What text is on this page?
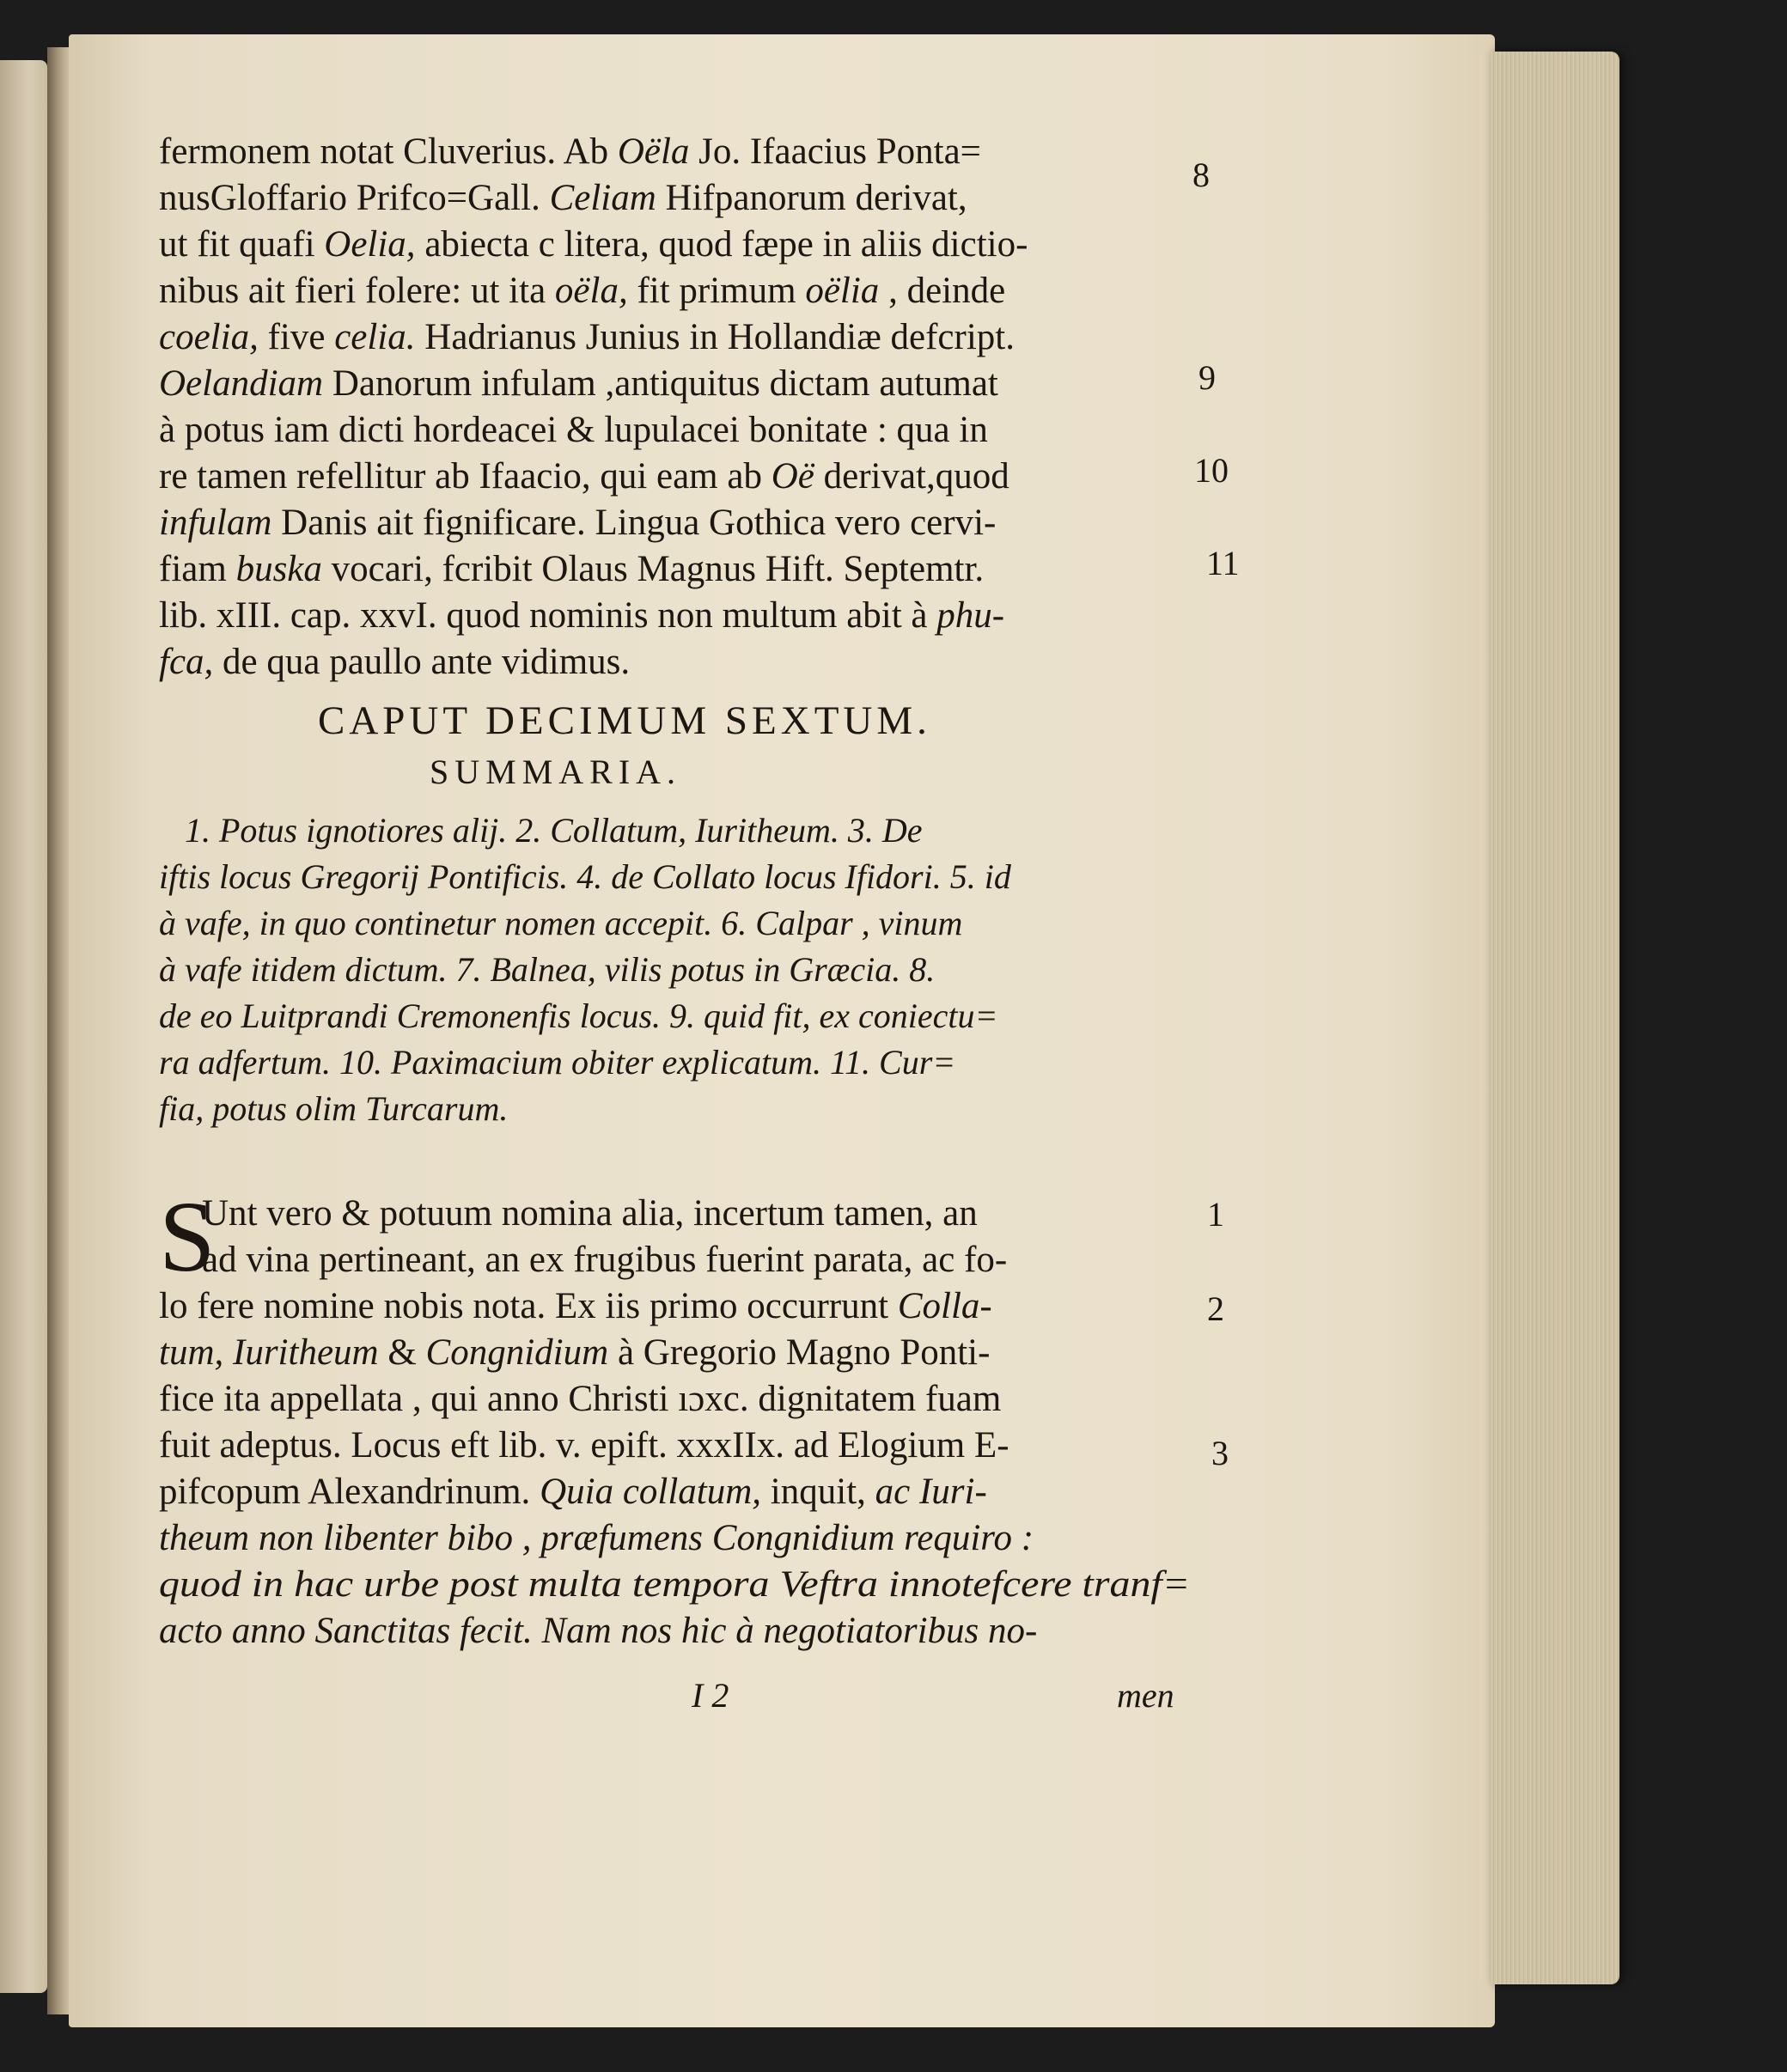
fermonem notat Cluverius. Ab Oëla Jo. Ifaacius Ponta=
nusGloffario Prifco=Gall. Celiam Hifpanorum derivat,
ut fit quafi Oelia, abiecta c litera, quod fæpe in aliis dictio-
nibus ait fieri folere: ut ita oëla, fit primum oëlia , deinde
coelia, five celia. Hadrianus Junius in Hollandiæ defcript.
Oelandiam Danorum infulam ,antiquitus dictam autumat
à potus iam dicti hordeacei & lupulacei bonitate : qua in
re tamen refellitur ab Ifaacio, qui eam ab Oë derivat,quod
infulam Danis ait fignificare. Lingua Gothica vero cervi-
fiam buska vocari, fcribit Olaus Magnus Hift. Septemtr.
lib. xIII. cap. xxvI. quod nominis non multum abit à phu-
fca, de qua paullo ante vidimus.
CAPUT DECIMUM SEXTUM.
SUMMARIA.
1. Potus ignotiores alij. 2. Collatum, Iuritheum. 3. De
iftis locus Gregorij Pontificis. 4. de Collato locus Ifidori. 5. id
à vafe, in quo continetur nomen accepit. 6. Calpar , vinum
à vafe itidem dictum. 7. Balnea, vilis potus in Græcia. 8.
de eo Luitprandi Cremonenfis locus. 9. quid fit, ex coniectu=
ra adfertum. 10. Paximacium obiter explicatum. 11. Cur=
fia, potus olim Turcarum.
S
Unt vero & potuum nomina alia, incertum tamen, an
ad vina pertineant, an ex frugibus fuerint parata, ac fo-
lo fere nomine nobis nota. Ex iis primo occurrunt Colla-
tum, Iuritheum & Congnidium à Gregorio Magno Ponti-
fice ita appellata , qui anno Christi ıɔxc. dignitatem fuam
fuit adeptus. Locus eft lib. v. epift. xxxIIx. ad Elogium E-
pifcopum Alexandrinum. Quia collatum, inquit, ac Iuri-
theum non libenter bibo , præfumens Congnidium requiro :
quod in hac urbe post multa tempora Veftra innotefcere tranf=
acto anno Sanctitas fecit. Nam nos hic à negotiatoribus no-
8
9
10
11
1
2
3
I 2	men
